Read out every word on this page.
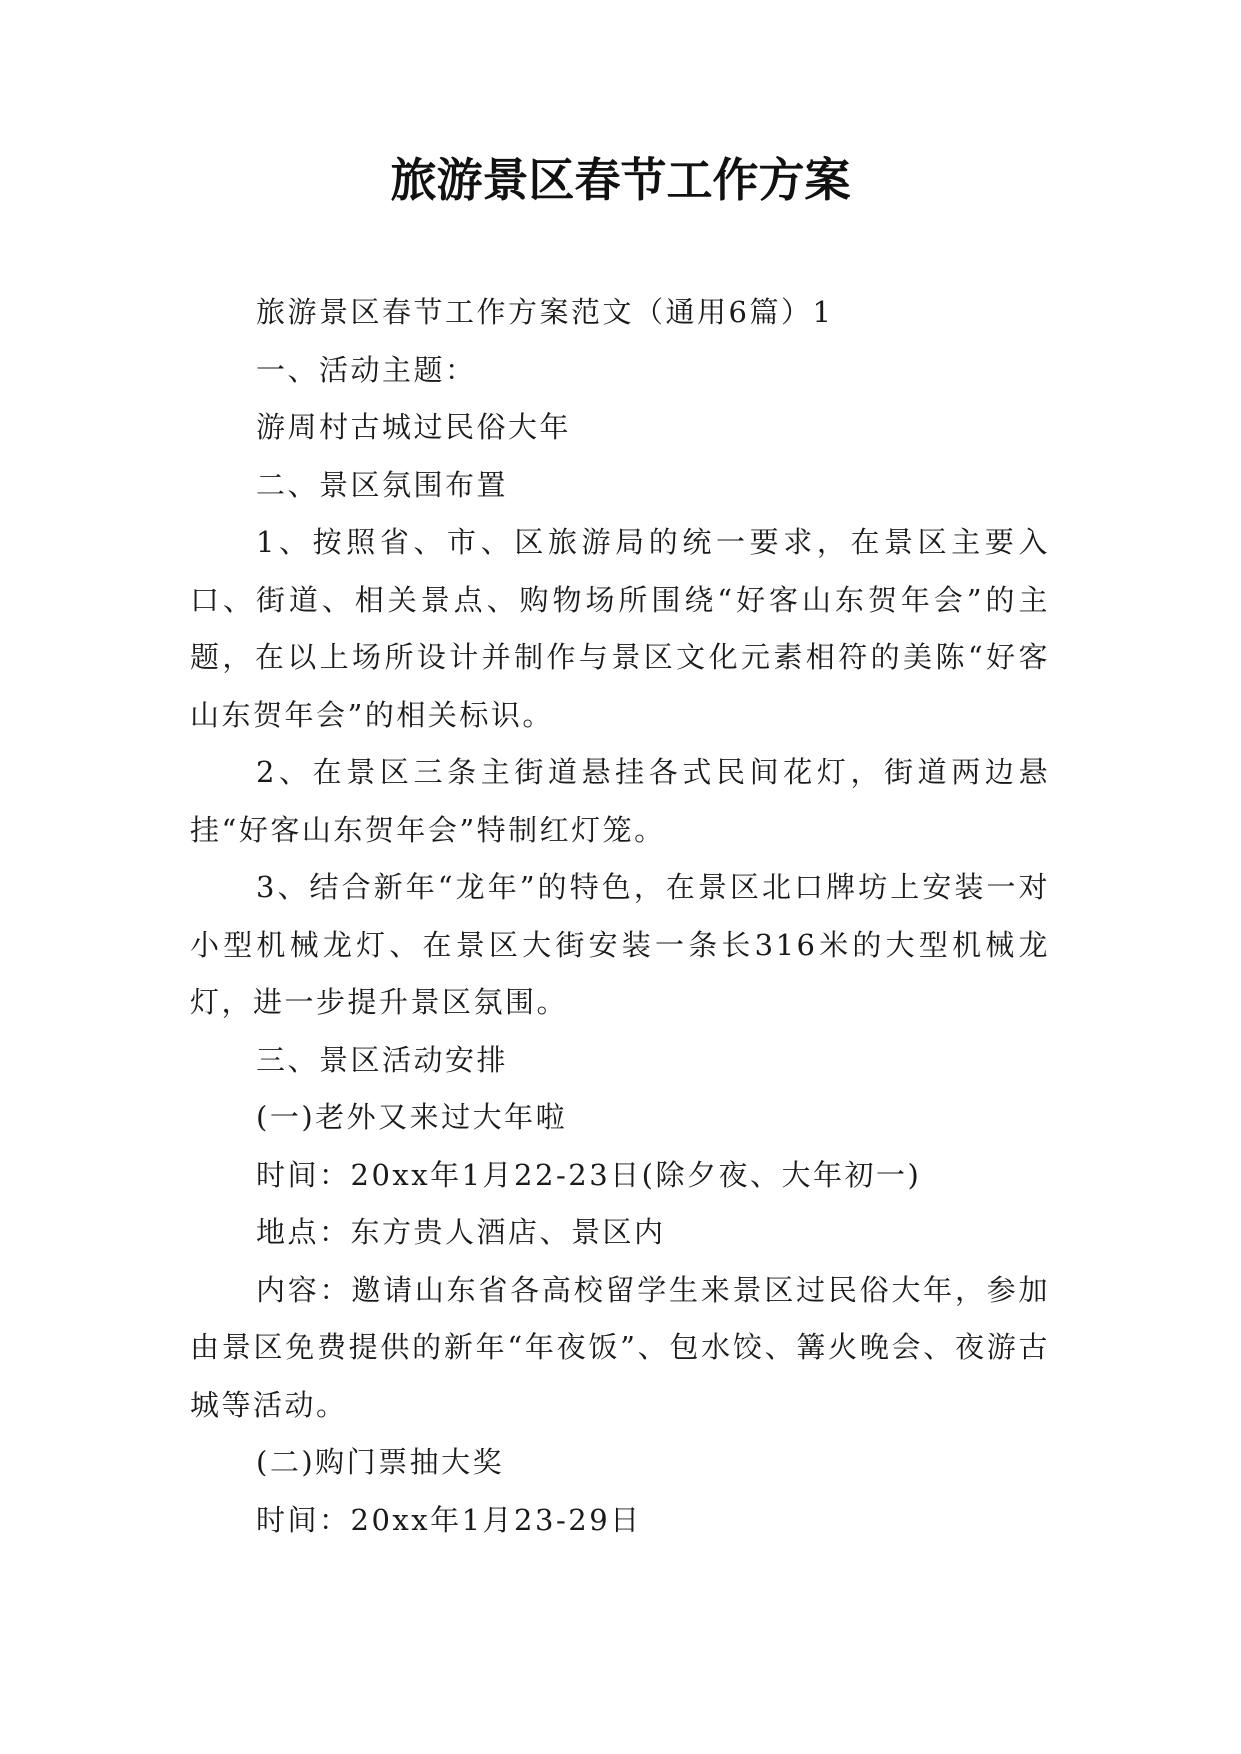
旅游景区春节工作方案

旅游景区春节工作方案范文（通用6篇）1

一、活动主题：

游周村古城过民俗大年

二、景区氛围布置

1、按照省、市、区旅游局的统一要求，在景区主要入口、街道、相关景点、购物场所围绕“好客山东贺年会”的主题，在以上场所设计并制作与景区文化元素相符的美陈“好客山东贺年会”的相关标识。

2、在景区三条主街道悬挂各式民间花灯，街道两边悬挂“好客山东贺年会”特制红灯笼。

3、结合新年“龙年”的特色，在景区北口牌坊上安装一对小型机械龙灯、在景区大街安装一条长316米的大型机械龙灯，进一步提升景区氛围。

三、景区活动安排

(一)老外又来过大年啦

时间：20xx年1月22-23日(除夕夜、大年初一)

地点：东方贵人酒店、景区内

内容：邀请山东省各高校留学生来景区过民俗大年，参加由景区免费提供的新年“年夜饭”、包水饺、篝火晚会、夜游古城等活动。

(二)购门票抽大奖

时间：20xx年1月23-29日
